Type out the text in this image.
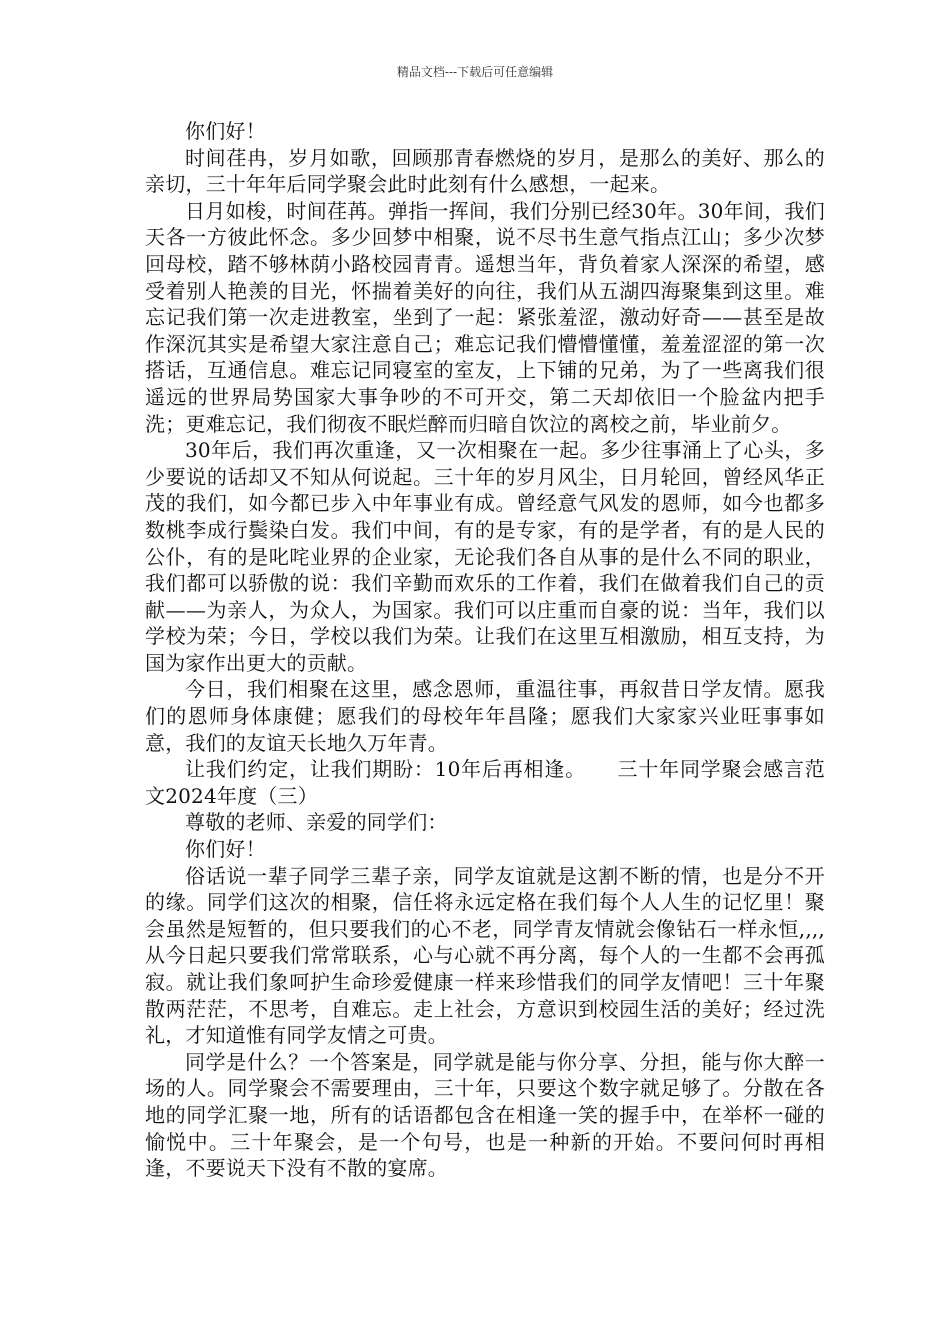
精品文档---下载后可任意编辑

你们好！

时间荏冉，岁月如歌，回顾那青春燃烧的岁月，是那么的美好、那么的亲切，三十年年后同学聚会此时此刻有什么感想，一起来。

日月如梭，时间荏苒。弹指一挥间，我们分别已经30年。30年间，我们天各一方彼此怀念。多少回梦中相聚，说不尽书生意气指点江山；多少次梦回母校，踏不够林荫小路校园青青。遥想当年，背负着家人深深的希望，感受着别人艳羡的目光，怀揣着美好的向往，我们从五湖四海聚集到这里。难忘记我们第一次走进教室，坐到了一起：紧张羞涩，激动好奇——甚至是故作深沉其实是希望大家注意自己；难忘记我们懵懵懂懂，羞羞涩涩的第一次搭话，互通信息。难忘记同寝室的室友，上下铺的兄弟，为了一些离我们很遥远的世界局势国家大事争吵的不可开交，第二天却依旧一个脸盆内把手洗；更难忘记，我们彻夜不眠烂醉而归暗自饮泣的离校之前，毕业前夕。

30年后，我们再次重逢，又一次相聚在一起。多少往事涌上了心头，多少要说的话却又不知从何说起。三十年的岁月风尘，日月轮回，曾经风华正茂的我们，如今都已步入中年事业有成。曾经意气风发的恩师，如今也都多数桃李成行鬓染白发。我们中间，有的是专家，有的是学者，有的是人民的公仆，有的是叱咤业界的企业家，无论我们各自从事的是什么不同的职业，我们都可以骄傲的说：我们辛勤而欢乐的工作着，我们在做着我们自己的贡献——为亲人，为众人，为国家。我们可以庄重而自豪的说：当年，我们以学校为荣；今日，学校以我们为荣。让我们在这里互相激励，相互支持，为国为家作出更大的贡献。

今日，我们相聚在这里，感念恩师，重温往事，再叙昔日学友情。愿我们的恩师身体康健；愿我们的母校年年昌隆；愿我们大家家兴业旺事事如意，我们的友谊天长地久万年青。

让我们约定，让我们期盼：10年后再相逢。　　三十年同学聚会感言范文2024年度（三）

尊敬的老师、亲爱的同学们：

你们好！

俗话说一辈子同学三辈子亲，同学友谊就是这割不断的情，也是分不开的缘。同学们这次的相聚，信任将永远定格在我们每个人人生的记忆里！聚会虽然是短暂的，但只要我们的心不老，同学青友情就会像钻石一样永恒,,,,从今日起只要我们常常联系，心与心就不再分离，每个人的一生都不会再孤寂。就让我们象呵护生命珍爱健康一样来珍惜我们的同学友情吧！三十年聚散两茫茫，不思考，自难忘。走上社会，方意识到校园生活的美好；经过洗礼，才知道惟有同学友情之可贵。

同学是什么？一个答案是，同学就是能与你分享、分担，能与你大醉一场的人。同学聚会不需要理由，三十年，只要这个数字就足够了。分散在各地的同学汇聚一地，所有的话语都包含在相逢一笑的握手中，在举杯一碰的愉悦中。三十年聚会，是一个句号，也是一种新的开始。不要问何时再相逢，不要说天下没有不散的宴席。
